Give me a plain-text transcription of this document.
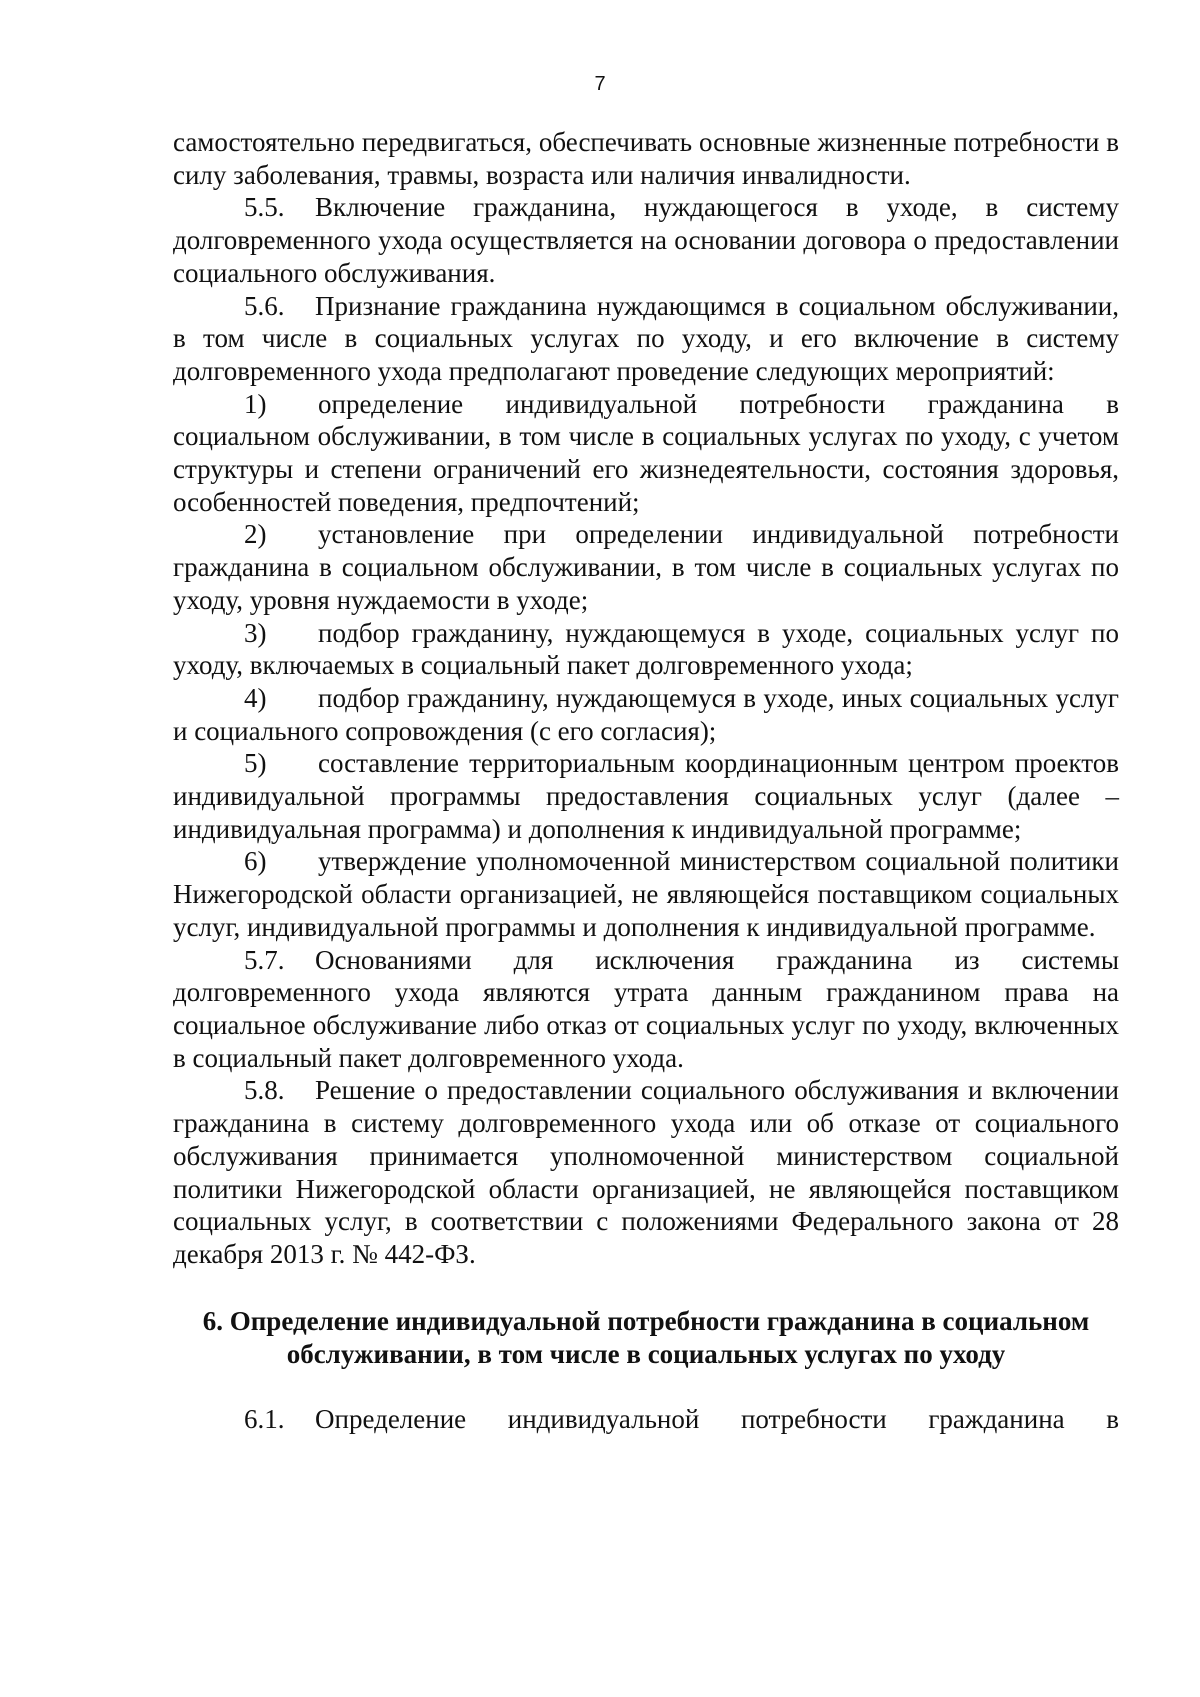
7

самостоятельно передвигаться, обеспечивать основные жизненные потребности в силу заболевания, травмы, возраста или наличия инвалидности.

5.5. Включение гражданина, нуждающегося в уходе, в систему долговременного ухода осуществляется на основании договора о предоставлении социального обслуживания.

5.6. Признание гражданина нуждающимся в социальном обслуживании, в том числе в социальных услугах по уходу, и его включение в систему долговременного ухода предполагают проведение следующих мероприятий:

1) определение индивидуальной потребности гражданина в социальном обслуживании, в том числе в социальных услугах по уходу, с учетом структуры и степени ограничений его жизнедеятельности, состояния здоровья, особенностей поведения, предпочтений;

2) установление при определении индивидуальной потребности гражданина в социальном обслуживании, в том числе в социальных услугах по уходу, уровня нуждаемости в уходе;

3) подбор гражданину, нуждающемуся в уходе, социальных услуг по уходу, включаемых в социальный пакет долговременного ухода;

4) подбор гражданину, нуждающемуся в уходе, иных социальных услуг и социального сопровождения (с его согласия);

5) составление территориальным координационным центром проектов индивидуальной программы предоставления социальных услуг (далее – индивидуальная программа) и дополнения к индивидуальной программе;

6) утверждение уполномоченной министерством социальной политики Нижегородской области организацией, не являющейся поставщиком социальных услуг, индивидуальной программы и дополнения к индивидуальной программе.

5.7. Основаниями для исключения гражданина из системы долговременного ухода являются утрата данным гражданином права на социальное обслуживание либо отказ от социальных услуг по уходу, включенных в социальный пакет долговременного ухода.

5.8. Решение о предоставлении социального обслуживания и включении гражданина в систему долговременного ухода или об отказе от социального обслуживания принимается уполномоченной министерством социальной политики Нижегородской области организацией, не являющейся поставщиком социальных услуг, в соответствии с положениями Федерального закона от 28 декабря 2013 г. № 442-ФЗ.

6. Определение индивидуальной потребности гражданина в социальном
обслуживании, в том числе в социальных услугах по уходу

6.1. Определение индивидуальной потребности гражданина в
